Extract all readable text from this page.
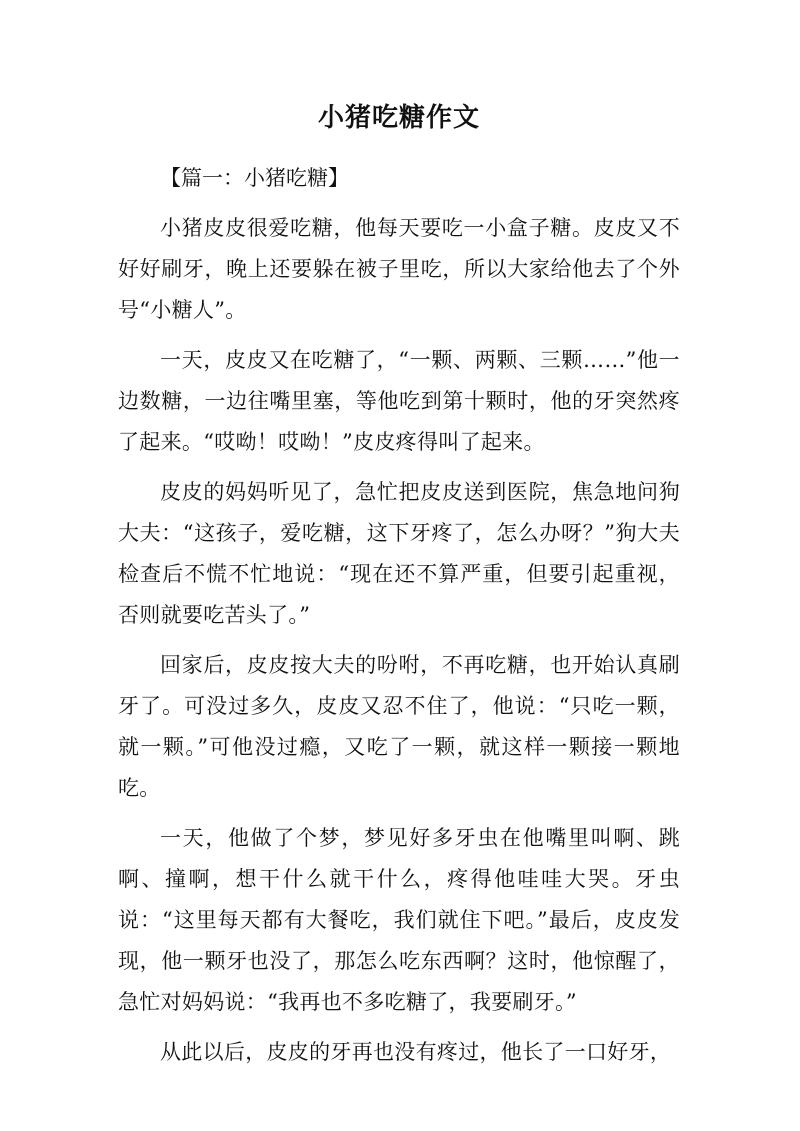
小猪吃糖作文

【篇一：小猪吃糖】

小猪皮皮很爱吃糖，他每天要吃一小盒子糖。皮皮又不好好刷牙，晚上还要躲在被子里吃，所以大家给他去了个外号“小糖人”。

一天，皮皮又在吃糖了，“一颗、两颗、三颗……”他一边数糖，一边往嘴里塞，等他吃到第十颗时，他的牙突然疼了起来。“哎呦！哎呦！”皮皮疼得叫了起来。

皮皮的妈妈听见了，急忙把皮皮送到医院，焦急地问狗大夫：“这孩子，爱吃糖，这下牙疼了，怎么办呀？”狗大夫检查后不慌不忙地说：“现在还不算严重，但要引起重视，否则就要吃苦头了。”

回家后，皮皮按大夫的吩咐，不再吃糖，也开始认真刷牙了。可没过多久，皮皮又忍不住了，他说：“只吃一颗，就一颗。”可他没过瘾，又吃了一颗，就这样一颗接一颗地吃。

一天，他做了个梦，梦见好多牙虫在他嘴里叫啊、跳啊、撞啊，想干什么就干什么，疼得他哇哇大哭。牙虫说：“这里每天都有大餐吃，我们就住下吧。”最后，皮皮发现，他一颗牙也没了，那怎么吃东西啊？这时，他惊醒了，急忙对妈妈说：“我再也不多吃糖了，我要刷牙。”

从此以后，皮皮的牙再也没有疼过，他长了一口好牙，
